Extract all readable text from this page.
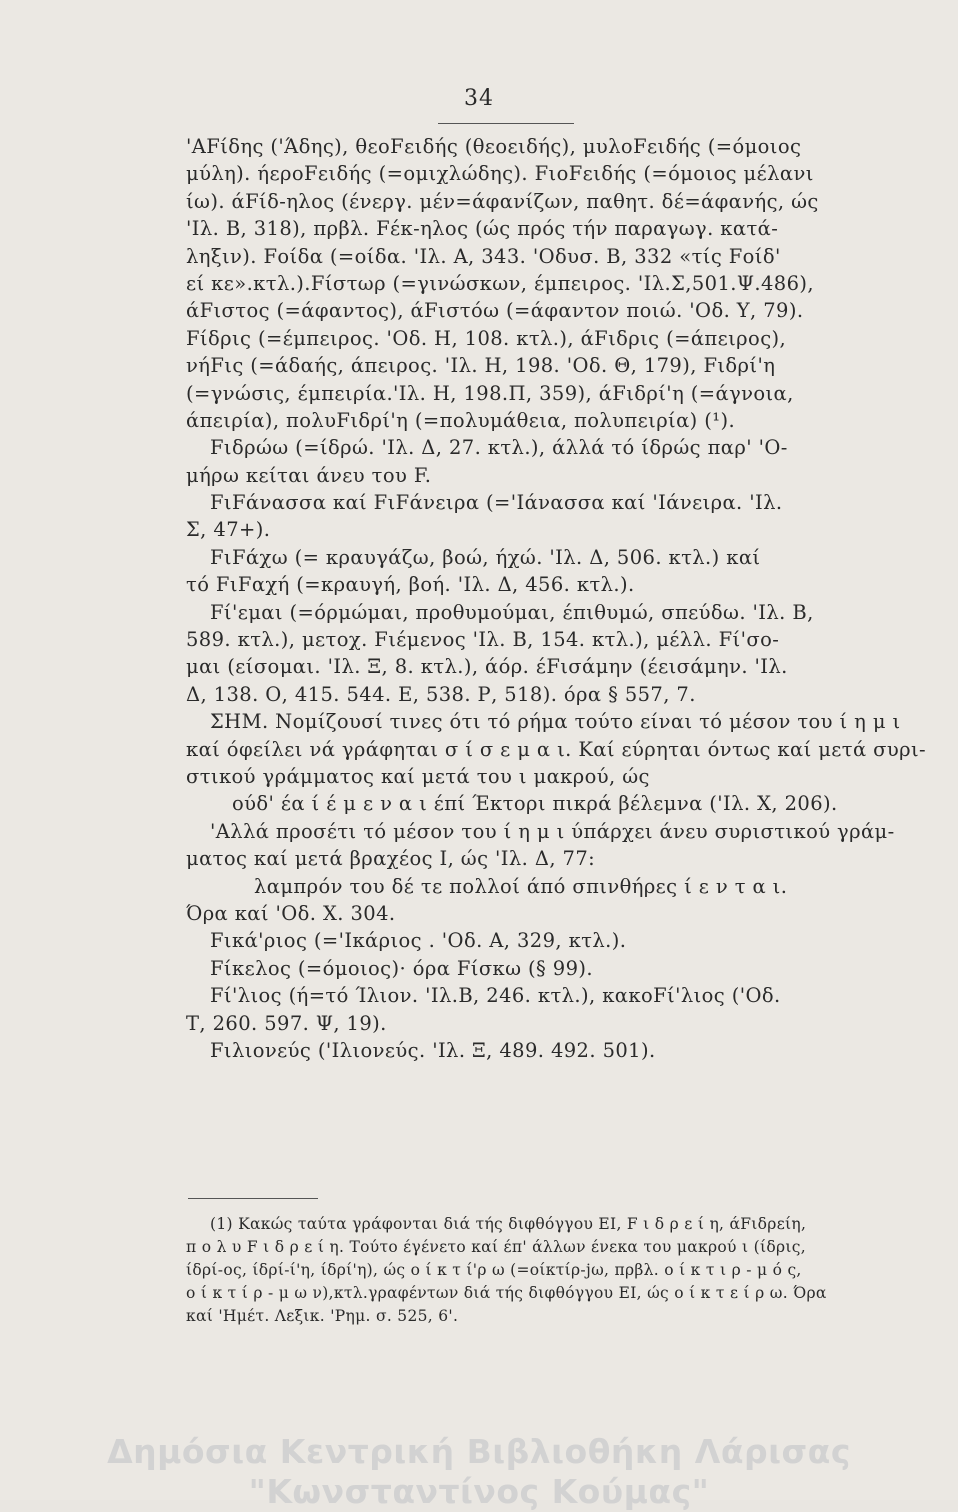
34
'ΑFίδης ('Άδης), θεοFειδής (θεοειδής), μυλοFειδής (=όμοιος
μύλη). ήεροFειδής (=ομιχλώδης). FιοFειδής (=όμοιος μέλανι
ίω). άFίδ-ηλος (ένεργ. μέν=άφανίζων, παθητ. δέ=άφανής, ώς
'Ιλ. Β, 318), πρβλ. Fέκ-ηλος (ώς πρός τήν παραγωγ. κατά-
ληξιν). Fοίδα (=οίδα. 'Ιλ. Α, 343. 'Οδυσ. Β, 332 «τίς Fοίδ'
εί κε».κτλ.).Fίστωρ (=γινώσκων, έμπειρος. 'Ιλ.Σ,501.Ψ.486),
άFιστος (=άφαντος), άFιστόω (=άφαντον ποιώ. 'Οδ. Υ, 79).
Fίδρις (=έμπειρος. 'Οδ. Η, 108. κτλ.), άFιδρις (=άπειρος),
νήFις (=άδαής, άπειρος. 'Ιλ. Η, 198. 'Οδ. Θ, 179), Fιδρί'η
(=γνώσις, έμπειρία.'Ιλ. Η, 198.Π, 359), άFιδρί'η (=άγνοια,
άπειρία), πολυFιδρί'η (=πολυμάθεια, πολυπειρία) (¹).
Fιδρώω (=ίδρώ. 'Ιλ. Δ, 27. κτλ.), άλλά τό ίδρώς παρ' 'Ο-
μήρω κείται άνευ του F.
FιFάνασσα καί FιFάνειρα (='Ιάνασσα καί 'Ιάνειρα. 'Ιλ.
Σ, 47+).
FιFάχω (= κραυγάζω, βοώ, ήχώ. 'Ιλ. Δ, 506. κτλ.) καί
τό FιFαχή (=κραυγή, βοή. 'Ιλ. Δ, 456. κτλ.).
Fί'εμαι (=όρμώμαι, προθυμούμαι, έπιθυμώ, σπεύδω. 'Ιλ. Β,
589. κτλ.), μετοχ. Fιέμενος 'Ιλ. Β, 154. κτλ.), μέλλ. Fί'σο-
μαι (είσομαι. 'Ιλ. Ξ, 8. κτλ.), άόρ. έFισάμην (έεισάμην. 'Ιλ.
Δ, 138. Ο, 415. 544. Ε, 538. Ρ, 518). όρα § 557, 7.
ΣΗΜ. Νομίζουσί τινες ότι τό ρήμα τούτο είναι τό μέσον του ί η μ ι
καί όφείλει νά γράφηται σ ί σ ε μ α ι. Καί εύρηται όντως καί μετά συρι-
στικού γράμματος καί μετά του ι μακρού, ώς
ούδ' έα ί έ μ ε ν α ι έπί Έκτορι πικρά βέλεμνα ('Ιλ. Χ, 206).
'Αλλά προσέτι τό μέσον του ί η μ ι ύπάρχει άνευ συριστικού γράμ-
ματος καί μετά βραχέος Ι, ώς 'Ιλ. Δ, 77:
λαμπρόν του δέ τε πολλοί άπό σπινθήρες ί ε ν τ α ι.
Όρα καί 'Οδ. Χ. 304.
Fικά'ριος (='Ικάριος . 'Οδ. Α, 329, κτλ.).
Fίκελος (=όμοιος)· όρα Fίσκω (§ 99).
Fί'λιος (ή=τό Ίλιον. 'Ιλ.Β, 246. κτλ.), κακοFί'λιος ('Οδ.
Τ, 260. 597. Ψ, 19).
Fιλιονεύς ('Ιλιονεύς. 'Ιλ. Ξ, 489. 492. 501).
(1) Κακώς ταύτα γράφονται διά τής διφθόγγου ΕΙ, F ι δ ρ ε ί η, άFιδρείη,
π ο λ υ F ι δ ρ ε ί η. Τούτο έγένετο καί έπ' άλλων ένεκα του μακρού ι (ίδρις,
ίδρί-ος, ίδρί-ί'η, ίδρί'η), ώς ο ί κ τ ί'ρ ω (=οίκτίρ-jω, πρβλ. ο ί κ τ ι ρ - μ ό ς,
ο ί κ τ ί ρ - μ ω ν),κτλ.γραφέντων διά τής διφθόγγου ΕΙ, ώς ο ί κ τ ε ί ρ ω. Όρα
καί 'Ημέτ. Λεξικ. 'Ρημ. σ. 525, 6'.
Δημόσια Κεντρική Βιβλιοθήκη Λάρισας
"Κωνσταντίνος Κούμας"
